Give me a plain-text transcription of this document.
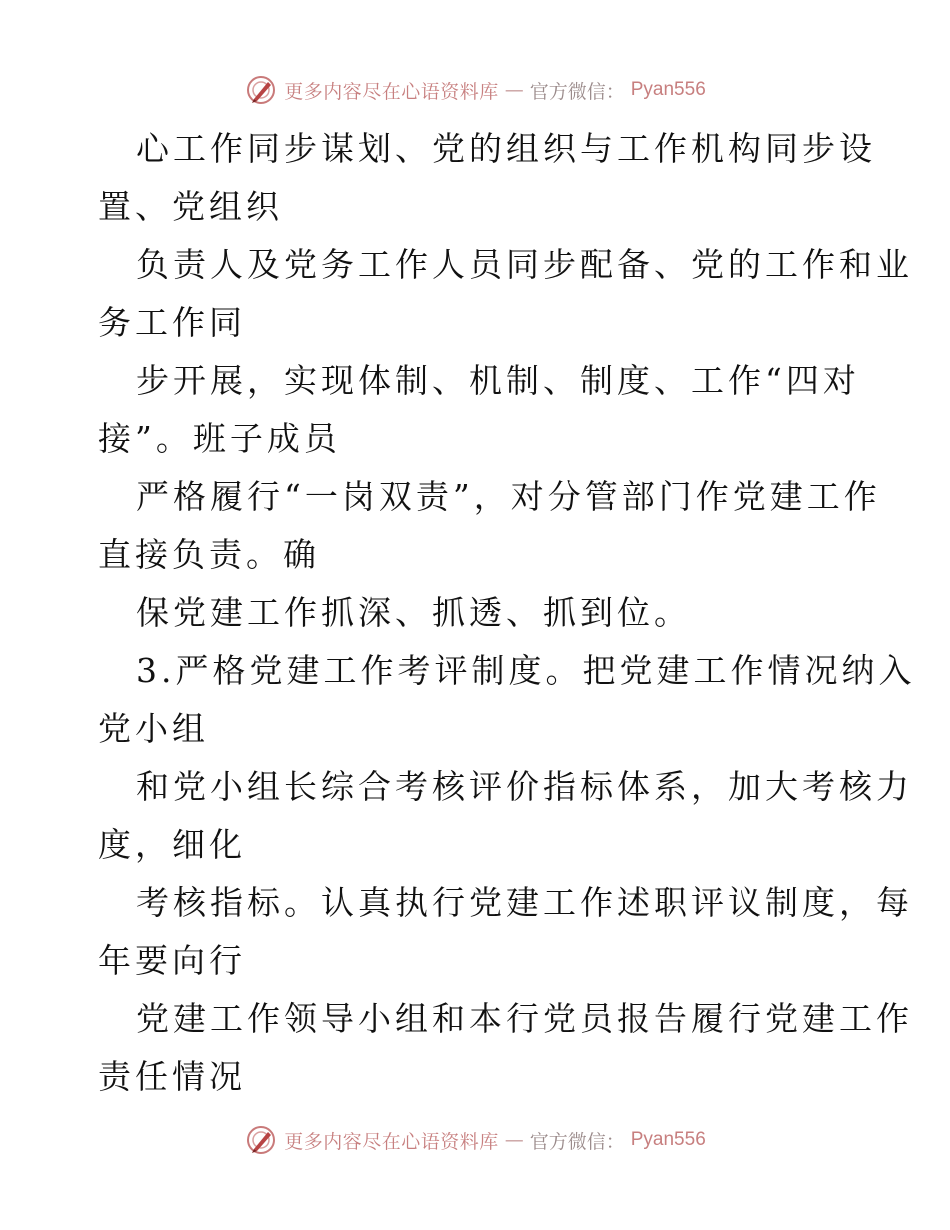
更多内容尽在心语资料库 — 官方微信： Pyan556
心工作同步谋划、党的组织与工作机构同步设
置、党组织
负责人及党务工作人员同步配备、党的工作和业
务工作同
步开展，实现体制、机制、制度、工作“四对
接”。班子成员
严格履行“一岗双责”，对分管部门作党建工作
直接负责。确
保党建工作抓深、抓透、抓到位。
3.严格党建工作考评制度。把党建工作情况纳入
党小组
和党小组长综合考核评价指标体系，加大考核力
度，细化
考核指标。认真执行党建工作述职评议制度，每
年要向行
党建工作领导小组和本行党员报告履行党建工作
责任情况
更多内容尽在心语资料库 — 官方微信： Pyan556
